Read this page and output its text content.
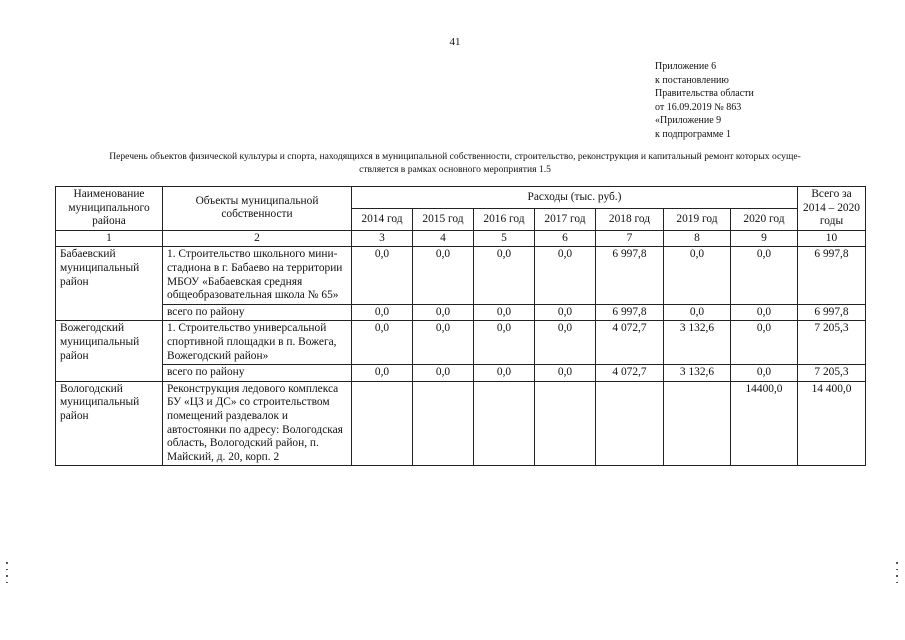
41
Приложение 6
к постановлению
Правительства области
от 16.09.2019 № 863
«Приложение 9
к подпрограмме 1
Перечень объектов физической культуры и спорта, находящихся в муниципальной собственности, строительство, реконструкция и капитальный ремонт которых осуще-
ствляется в рамках основного мероприятия 1.5
Наименование муниципального района	Объекты муниципальной собственности	Расходы (тыс. руб.)							Всего за 2014 – 2020 годы
		2014 год	2015 год	2016 год	2017 год	2018 год	2019 год	2020 год	
1	2	3	4	5	6	7	8	9	10
Бабаевский муниципальный район	1. Строительство школьного мини-стадиона в г. Бабаево на территории МБОУ «Бабаевская средняя общеобразовательная школа № 65»	0,0	0,0	0,0	0,0	6 997,8	0,0	0,0	6 997,8
	всего по району	0,0	0,0	0,0	0,0	6 997,8	0,0	0,0	6 997,8
Вожегодский муниципальный район	1. Строительство универсальной спортивной площадки в п. Вожега, Вожегодский район»	0,0	0,0	0,0	0,0	4 072,7	3 132,6	0,0	7 205,3
	всего по району	0,0	0,0	0,0	0,0	4 072,7	3 132,6	0,0	7 205,3
Вологодский муниципальный район	Реконструкция ледового комплекса БУ «ЦЗ и ДС» со строительством помещений раздевалок и автостоянки по адресу: Вологодская область, Вологодский район, п. Майский, д. 20, корп. 2							14400,0	14 400,0
